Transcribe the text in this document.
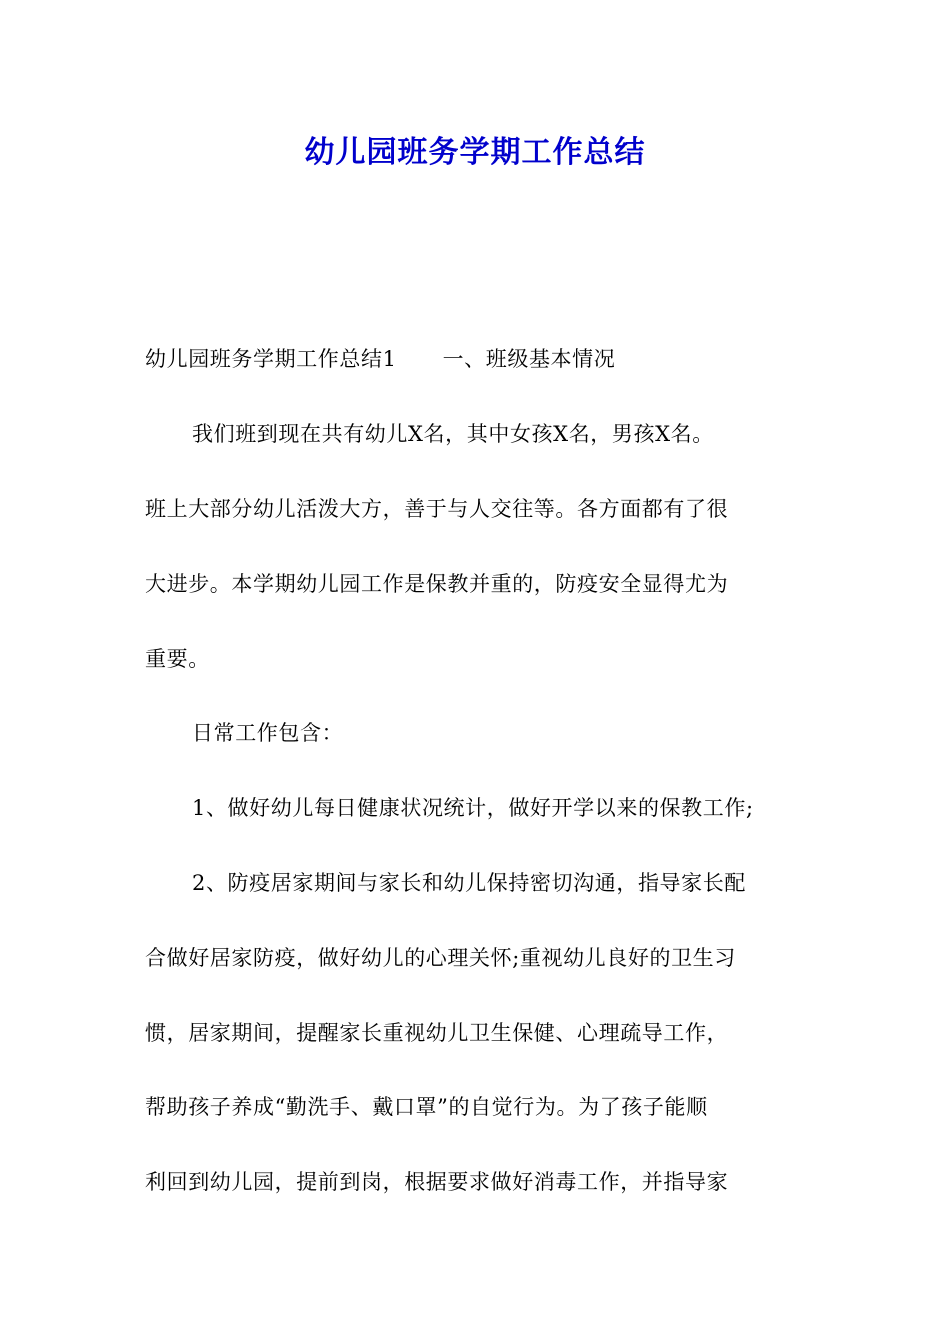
幼儿园班务学期工作总结
幼儿园班务学期工作总结1 一、班级基本情况
我们班到现在共有幼儿X名，其中女孩X名，男孩X名。
班上大部分幼儿活泼大方，善于与人交往等。各方面都有了很
大进步。本学期幼儿园工作是保教并重的，防疫安全显得尤为
重要。
日常工作包含：
1、做好幼儿每日健康状况统计，做好开学以来的保教工作;
2、防疫居家期间与家长和幼儿保持密切沟通，指导家长配
合做好居家防疫，做好幼儿的心理关怀;重视幼儿良好的卫生习
惯，居家期间，提醒家长重视幼儿卫生保健、心理疏导工作，
帮助孩子养成“勤洗手、戴口罩”的自觉行为。为了孩子能顺
利回到幼儿园，提前到岗，根据要求做好消毒工作，并指导家
